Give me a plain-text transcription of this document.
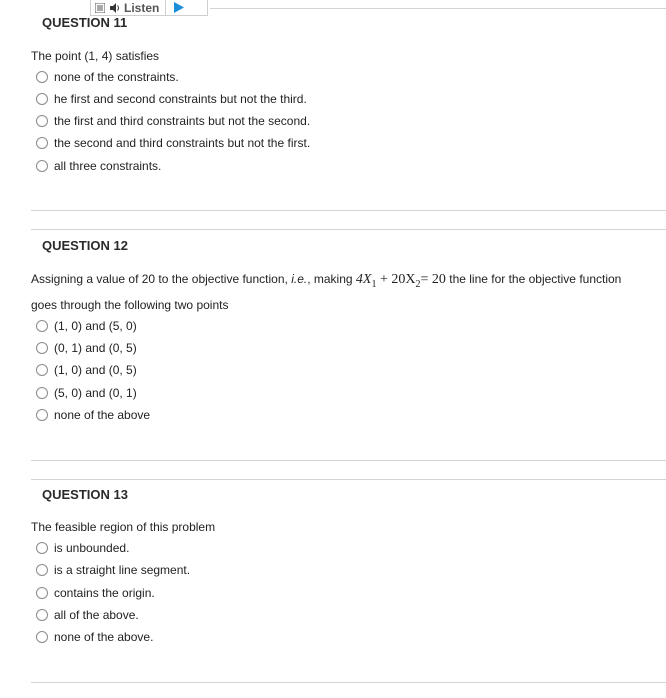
Listen
QUESTION 11
The point (1, 4) satisfies
none of the constraints.
he first and second constraints but not the third.
the first and third constraints but not the second.
the second and third constraints but not the first.
all three constraints.
QUESTION 12
Assigning a value of 20 to the objective function, i.e., making $4X_1 + 20X_2= 20$ the line for the objective function
goes through the following two points
(1, 0) and (5, 0)
(0, 1) and (0, 5)
(1, 0) and (0, 5)
(5, 0) and (0, 1)
none of the above
QUESTION 13
The feasible region of this problem
is unbounded.
is a straight line segment.
contains the origin.
all of the above.
none of the above.
